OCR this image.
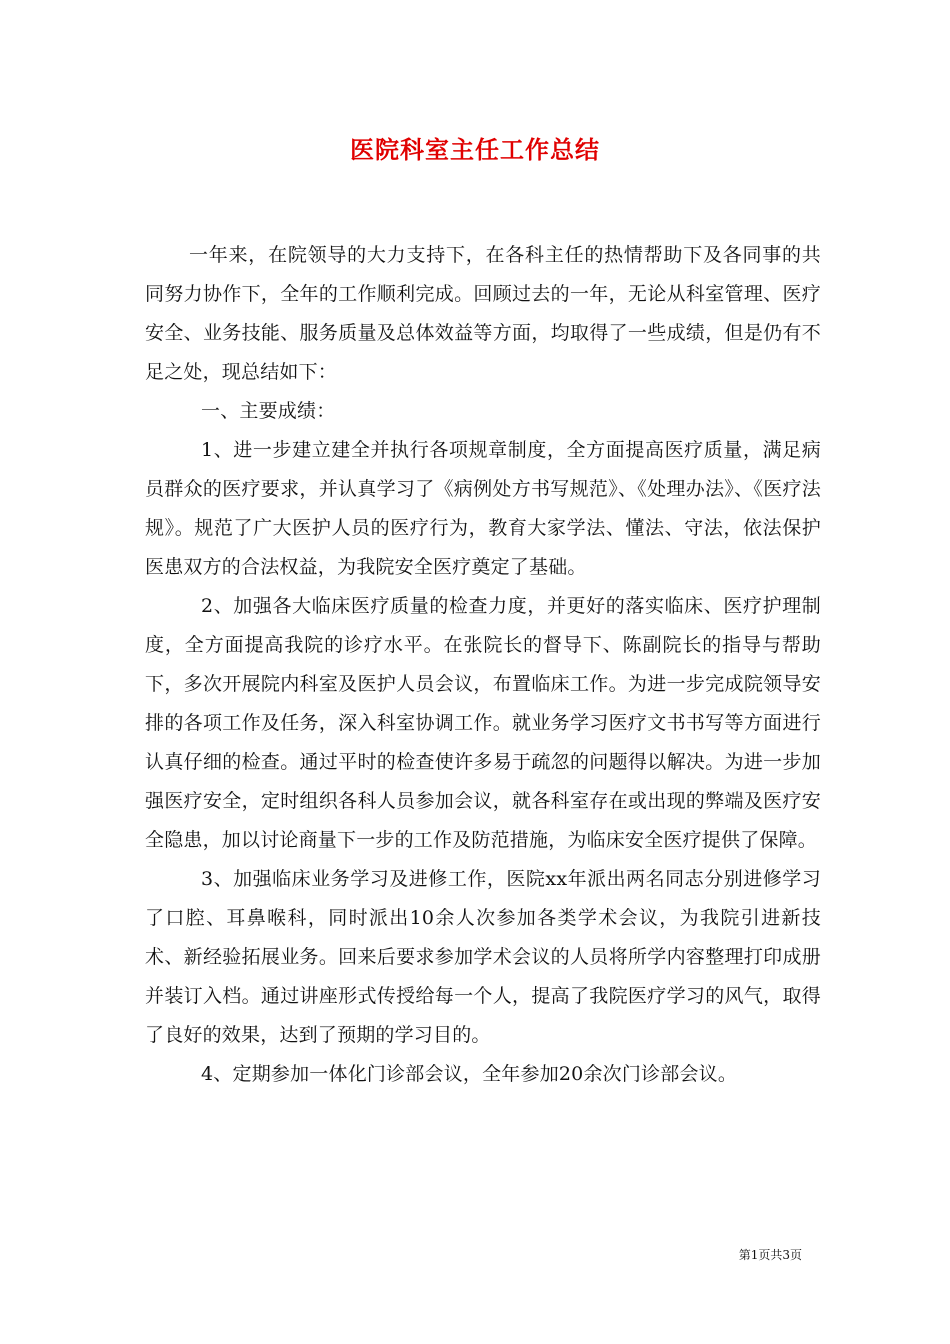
医院科室主任工作总结

一年来，在院领导的大力支持下，在各科主任的热情帮助下及各同事的共同努力协作下，全年的工作顺利完成。回顾过去的一年，无论从科室管理、医疗安全、业务技能、服务质量及总体效益等方面，均取得了一些成绩，但是仍有不足之处，现总结如下：

一、主要成绩：

1、进一步建立建全并执行各项规章制度，全方面提高医疗质量，满足病员群众的医疗要求，并认真学习了《病例处方书写规范》、《处理办法》、《医疗法规》。规范了广大医护人员的医疗行为，教育大家学法、懂法、守法，依法保护医患双方的合法权益，为我院安全医疗奠定了基础。

2、加强各大临床医疗质量的检查力度，并更好的落实临床、医疗护理制度，全方面提高我院的诊疗水平。在张院长的督导下、陈副院长的指导与帮助下，多次开展院内科室及医护人员会议，布置临床工作。为进一步完成院领导安排的各项工作及任务，深入科室协调工作。就业务学习医疗文书书写等方面进行认真仔细的检查。通过平时的检查使许多易于疏忽的问题得以解决。为进一步加强医疗安全，定时组织各科人员参加会议，就各科室存在或出现的弊端及医疗安全隐患，加以讨论商量下一步的工作及防范措施，为临床安全医疗提供了保障。

3、加强临床业务学习及进修工作，医院xx年派出两名同志分别进修学习了口腔、耳鼻喉科，同时派出10余人次参加各类学术会议，为我院引进新技术、新经验拓展业务。回来后要求参加学术会议的人员将所学内容整理打印成册并装订入档。通过讲座形式传授给每一个人，提高了我院医疗学习的风气，取得了良好的效果，达到了预期的学习目的。

4、定期参加一体化门诊部会议，全年参加20余次门诊部会议。

第1页共3页
